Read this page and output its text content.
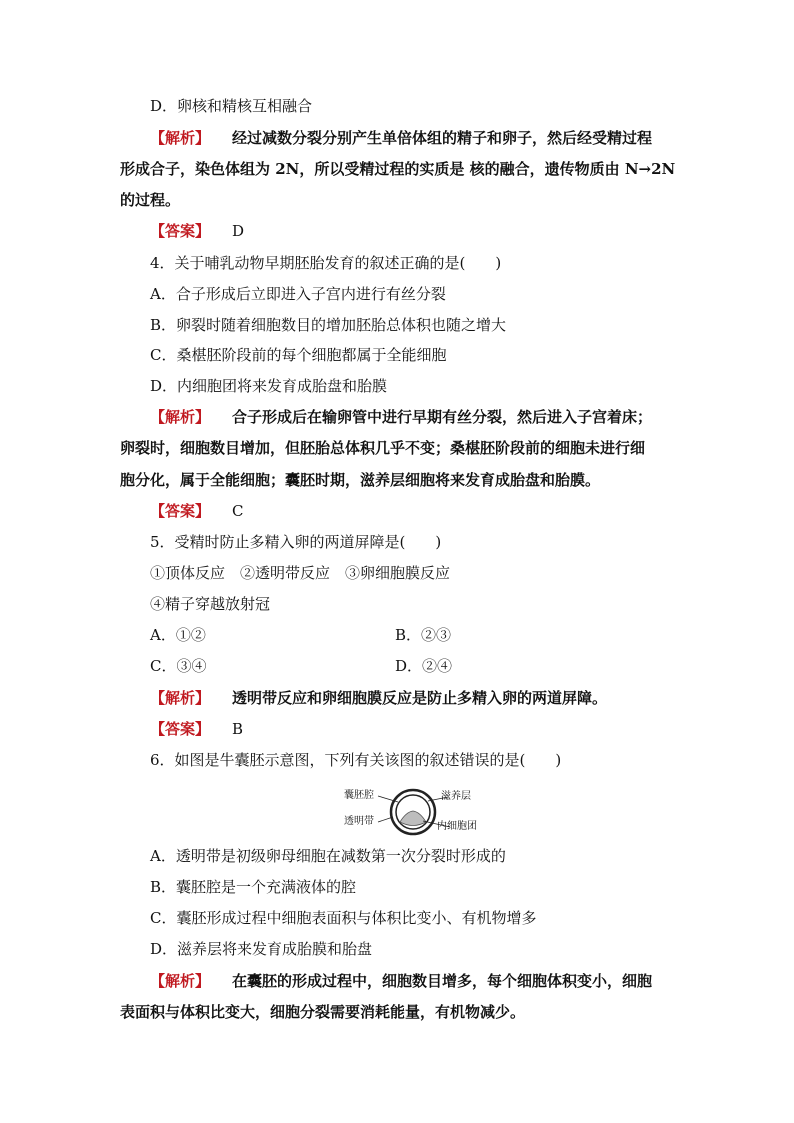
D．卵核和精核互相融合
【解析】 经过减数分裂分别产生单倍体组的精子和卵子，然后经受精过程
形成合子，染色体组为 2N，所以受精过程的实质是 核的融合，遗传物质由 N→2N
的过程。
【答案】 D
4．关于哺乳动物早期胚胎发育的叙述正确的是(　　)
A．合子形成后立即进入子宫内进行有丝分裂
B．卵裂时随着细胞数目的增加胚胎总体积也随之增大
C．桑椹胚阶段前的每个细胞都属于全能细胞
D．内细胞团将来发育成胎盘和胎膜
【解析】 合子形成后在输卵管中进行早期有丝分裂，然后进入子宫着床；
卵裂时，细胞数目增加，但胚胎总体积几乎不变；桑椹胚阶段前的细胞未进行细
胞分化，属于全能细胞；囊胚时期，滋养层细胞将来发育成胎盘和胎膜。
【答案】 C
5．受精时防止多精入卵的两道屏障是(　　)
①顶体反应　②透明带反应　③卵细胞膜反应
④精子穿越放射冠
A．①②	B．②③
C．③④	D．②④
【解析】 透明带反应和卵细胞膜反应是防止多精入卵的两道屏障。
【答案】 B
6．如图是牛囊胚示意图，下列有关该图的叙述错误的是(　　)
囊胚腔
透明带
滋养层
内细胞团
A．透明带是初级卵母细胞在减数第一次分裂时形成的
B．囊胚腔是一个充满液体的腔
C．囊胚形成过程中细胞表面积与体积比变小、有机物增多
D．滋养层将来发育成胎膜和胎盘
【解析】 在囊胚的形成过程中，细胞数目增多，每个细胞体积变小，细胞
表面积与体积比变大，细胞分裂需要消耗能量，有机物减少。
